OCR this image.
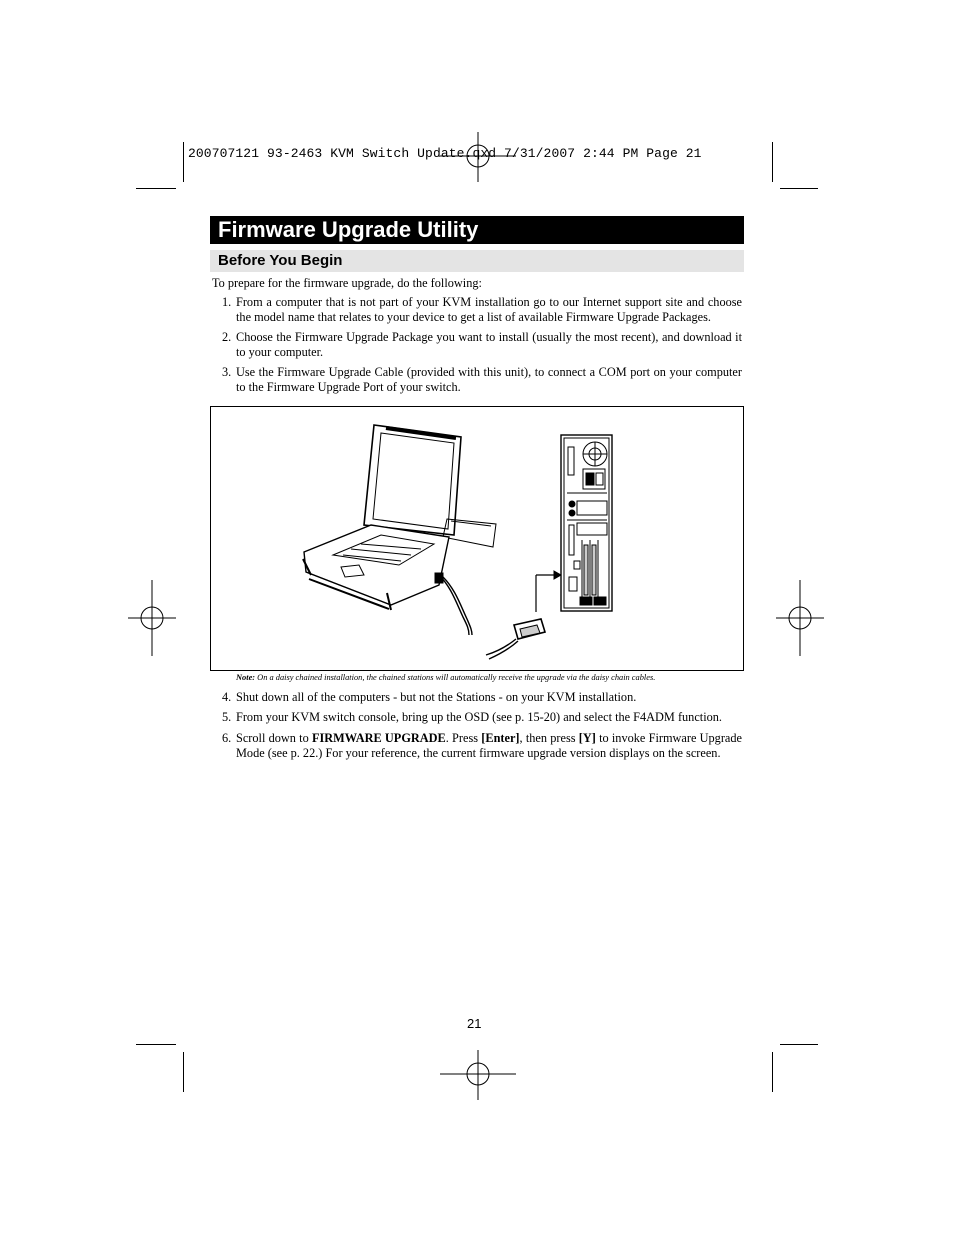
200707121 93-2463 KVM Switch Update.qxd 7/31/2007 2:44 PM Page 21
Firmware Upgrade Utility
Before You Begin
To prepare for the firmware upgrade, do the following:
1. From a computer that is not part of your KVM installation go to our Internet support site and choose the model name that relates to your device to get a list of available Firmware Upgrade Packages.
2. Choose the Firmware Upgrade Package you want to install (usually the most recent), and download it to your computer.
3. Use the Firmware Upgrade Cable (provided with this unit), to connect a COM port on your computer to the Firmware Upgrade Port of your switch.
Note: On a daisy chained installation, the chained stations will automatically receive the upgrade via the daisy chain cables.
4. Shut down all of the computers - but not the Stations - on your KVM installation.
5. From your KVM switch console, bring up the OSD (see p. 15-20) and select the F4ADM function.
6. Scroll down to FIRMWARE UPGRADE. Press [Enter], then press [Y] to invoke Firmware Upgrade Mode (see p. 22.) For your reference, the current firmware upgrade version displays on the screen.
21
